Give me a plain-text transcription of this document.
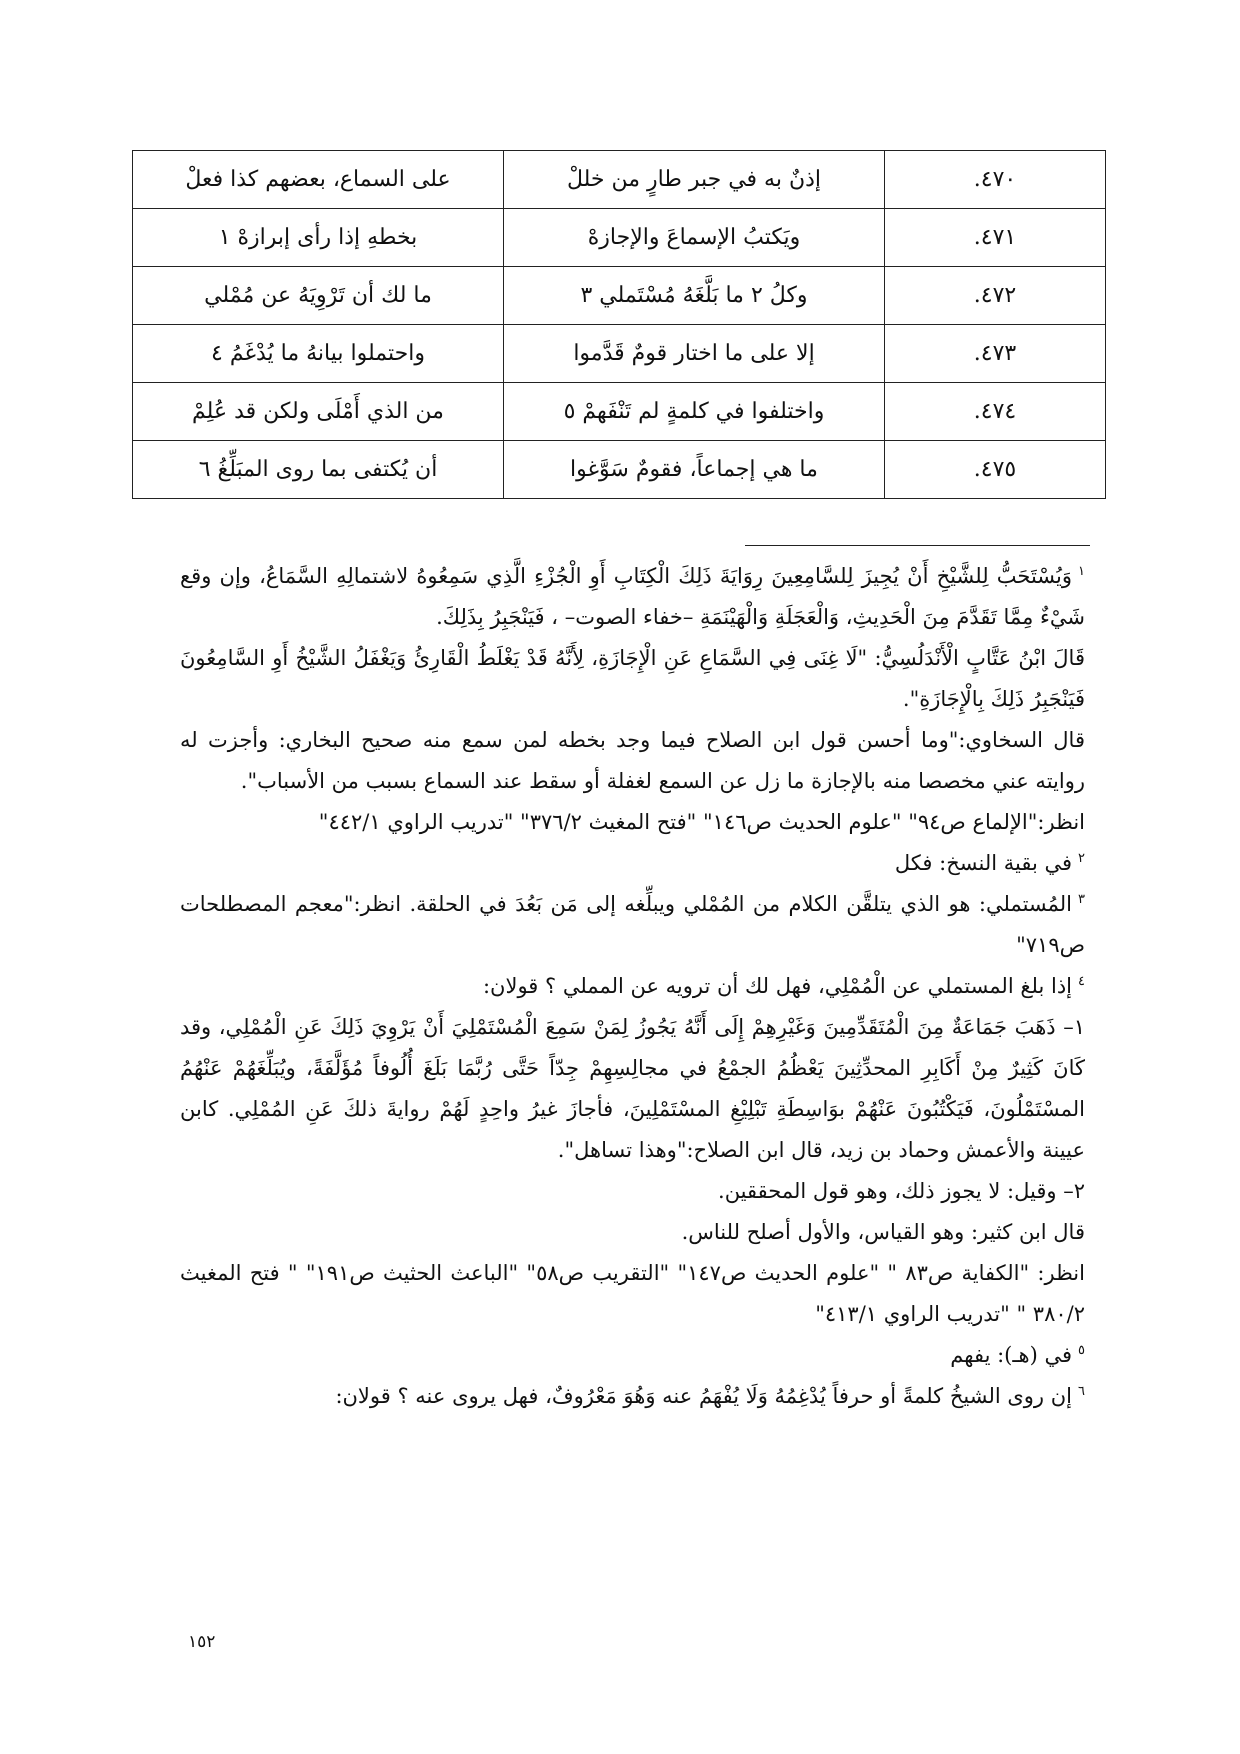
٤٧٠.	إذنٌ به في جبر طارٍ من خللْ	على السماع، بعضهم كذا فعلْ
٤٧١.	ويَكتبُ الإسماعَ والإجازهْ	بخطهِ إذا رأى إبرازهْ ١
٤٧٢.	وكلُ ٢ ما بَلَّغَهُ مُسْتَملي ٣	ما لك أن تَرْوِيَهُ عن مُمْلي
٤٧٣.	إلا على ما اختار قومٌ قَدَّموا	واحتملوا بيانهُ ما يُدْغَمُ ٤
٤٧٤.	واختلفوا في كلمةٍ لم تَنْفَهمْ ٥	من الذي أَمْلَى ولكن قد عُلِمْ
٤٧٥.	ما هي إجماعاً، فقومٌ سَوَّغوا	أن يُكتفى بما روى المبَلِّغُ ٦

$^١$وَيُسْتَحَبُّ لِلشَّيْخِ أَنْ يُجِيزَ لِلسَّامِعِينَ رِوَايَةَ ذَلِكَ الْكِتَابِ أَوِ الْجُزْءِ الَّذِي سَمِعُوهُ لاشتمالِهِ السَّمَاعُ، وإن وقع شَيْءٌ مِمَّا تَقَدَّمَ مِنَ الْحَدِيثِ، وَالْعَجَلَةِ وَالْهَيْنَمَةِ –خفاء الصوت– ، فَيَنْجَبِرُ بِذَلِكَ.

قَالَ ابْنُ عَتَّابٍ الْأَنْدَلُسِيُّ: "لَا غِنَى فِي السَّمَاعِ عَنِ الْإِجَازَةِ، لِأَنَّهُ قَدْ يَغْلَطُ الْقَارِئُ وَيَغْفَلُ الشَّيْخُ أَوِ السَّامِعُونَ فَيَنْجَبِرُ ذَلِكَ بِالْإِجَازَةِ".

قال السخاوي:"وما أحسن قول ابن الصلاح فيما وجد بخطه لمن سمع منه صحيح البخاري: وأجزت له روايته عني مخصصا منه بالإجازة ما زل عن السمع لغفلة أو سقط عند السماع بسبب من الأسباب".

انظر:"الإلماع ص٩٤" "علوم الحديث ص١٤٦" "فتح المغيث ٣٧٦/٢" "تدريب الراوي ٤٤٢/١"

$^٢$في بقية النسخ: فكل

$^٣$المُستملي: هو الذي يتلقَّن الكلام من المُمْلي ويبلِّغه إلى مَن بَعُدَ في الحلقة. انظر:"معجم المصطلحات ص٧١٩"

$^٤$إذا بلغ المستملي عن الْمُمْلِي، فهل لك أن ترويه عن المملي ؟ قولان:

١– ذَهَبَ جَمَاعَةٌ مِنَ الْمُتَقَدِّمِينَ وَغَيْرِهِمْ إِلَى أَنَّهُ يَجُوزُ لِمَنْ سَمِعَ الْمُسْتَمْلِيَ أَنْ يَرْوِيَ ذَلِكَ عَنِ الْمُمْلِي، وقد كَانَ كَثِيرٌ مِنْ أَكَابِرِ المحدِّثِينَ يَعْظُمُ الجمْعُ في مجالِسِهِمْ جِدّاً حَتَّى رُبَّمَا بَلَغَ أُلُوفاً مُؤَلَّفَةً، ويُبَلِّغَهُمْ عَنْهُمُ المسْتَمْلُونَ، فَيَكْتُبُونَ عَنْهُمْ بوَاسِطَةِ تَبْلِيْغِ المسْتَمْلِينَ، فأجازَ غيرُ واحِدٍ لَهُمْ روايةَ ذلكَ عَنِ المُمْلِي. كابن عيينة والأعمش وحماد بن زيد، قال ابن الصلاح:"وهذا تساهل".

٢– وقيل: لا يجوز ذلك، وهو قول المحققين.

قال ابن كثير: وهو القياس، والأول أصلح للناس.

انظر: "الكفاية ص٨٣ " "علوم الحديث ص١٤٧" "التقريب ص٥٨" "الباعث الحثيث ص١٩١" " فتح المغيث ٣٨٠/٢ " "تدريب الراوي ٤١٣/١"

$^٥$في (هـ): يفهم

$^٦$إن روى الشيخُ كلمةً أو حرفاً يُدْغِمُهُ وَلَا يُفْهَمُ عنه وَهُوَ مَعْرُوفٌ، فهل يروى عنه ؟ قولان:

١٥٢
